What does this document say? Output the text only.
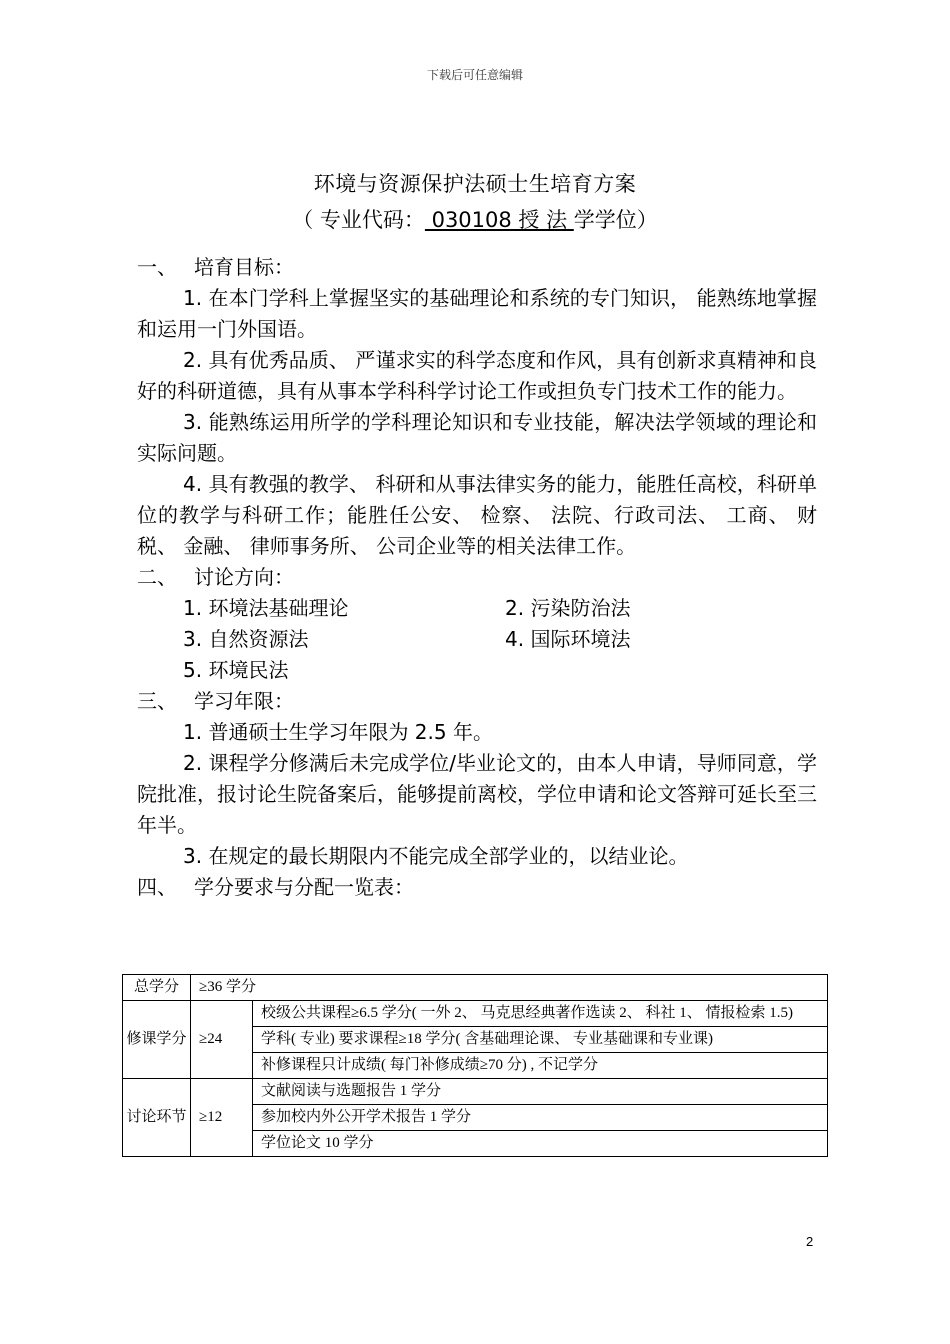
下载后可任意编辑
环境与资源保护法硕士生培育方案
（ 专业代码： 030108 授 法 学学位）

一、 培育目标：

1. 在本门学科上掌握坚实的基础理论和系统的专门知识， 能熟练地掌握和运用一门外国语。

2. 具有优秀品质、 严谨求实的科学态度和作风，具有创新求真精神和良好的科研道德，具有从事本学科科学讨论工作或担负专门技术工作的能力。

3. 能熟练运用所学的学科理论知识和专业技能，解决法学领域的理论和实际问题。

4. 具有教强的教学、 科研和从事法律实务的能力，能胜任高校，科研单位的教学与科研工作；能胜任公安、 检察、 法院、行政司法、 工商、 财税、 金融、 律师事务所、 公司企业等的相关法律工作。

二、 讨论方向：

1. 环境法基础理论	2. 污染防治法
3. 自然资源法	4. 国际环境法
5. 环境民法

三、 学习年限：

1. 普通硕士生学习年限为 2.5 年。

2. 课程学分修满后未完成学位/毕业论文的，由本人申请，导师同意，学院批准，报讨论生院备案后，能够提前离校，学位申请和论文答辩可延长至三年半。

3. 在规定的最长期限内不能完成全部学业的，以结业论。

四、 学分要求与分配一览表：

总学分	≥36 学分	
修课学分	≥24	校级公共课程≥6.5 学分( 一外 2、 马克思经典著作选读 2、 科社 1、 情报检索 1.5)
		学科( 专业) 要求课程≥18 学分( 含基础理论课、 专业基础课和专业课)
		补修课程只计成绩( 每门补修成绩≥70 分) , 不记学分
讨论环节	≥12	文献阅读与选题报告 1 学分
		参加校内外公开学术报告 1 学分
		学位论文 10 学分
2
